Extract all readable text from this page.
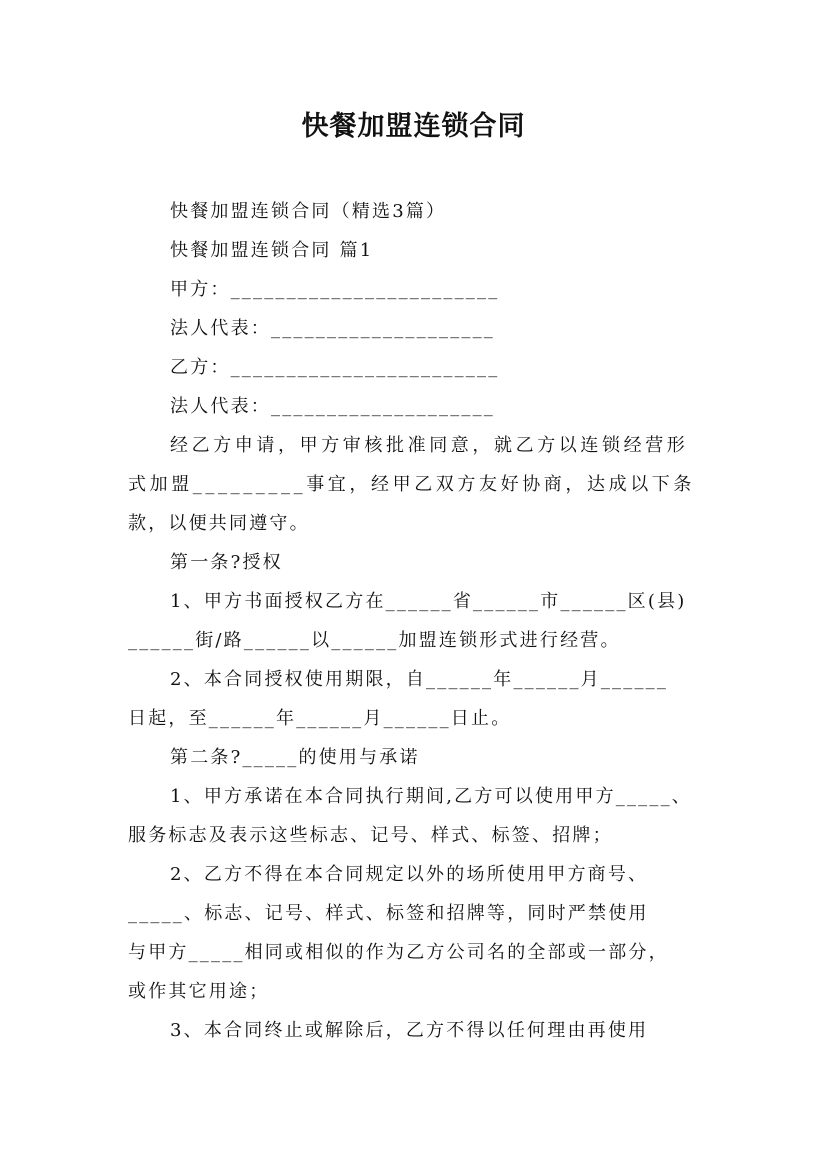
快餐加盟连锁合同
快餐加盟连锁合同（精选3篇）
快餐加盟连锁合同 篇1
甲方：________________________
法人代表：____________________
乙方：________________________
法人代表：____________________
经乙方申请，甲方审核批准同意，就乙方以连锁经营形
式加盟_________事宜，经甲乙双方友好协商，达成以下条
款，以便共同遵守。
第一条?授权
1、甲方书面授权乙方在______省______市______区(县)
______街/路______以______加盟连锁形式进行经营。
2、本合同授权使用期限，自______年______月______
日起，至______年______月______日止。
第二条?_____的使用与承诺
1、甲方承诺在本合同执行期间,乙方可以使用甲方_____、
服务标志及表示这些标志、记号、样式、标签、招牌；
2、乙方不得在本合同规定以外的场所使用甲方商号、
_____、标志、记号、样式、标签和招牌等，同时严禁使用
与甲方_____相同或相似的作为乙方公司名的全部或一部分，
或作其它用途；
3、本合同终止或解除后，乙方不得以任何理由再使用
